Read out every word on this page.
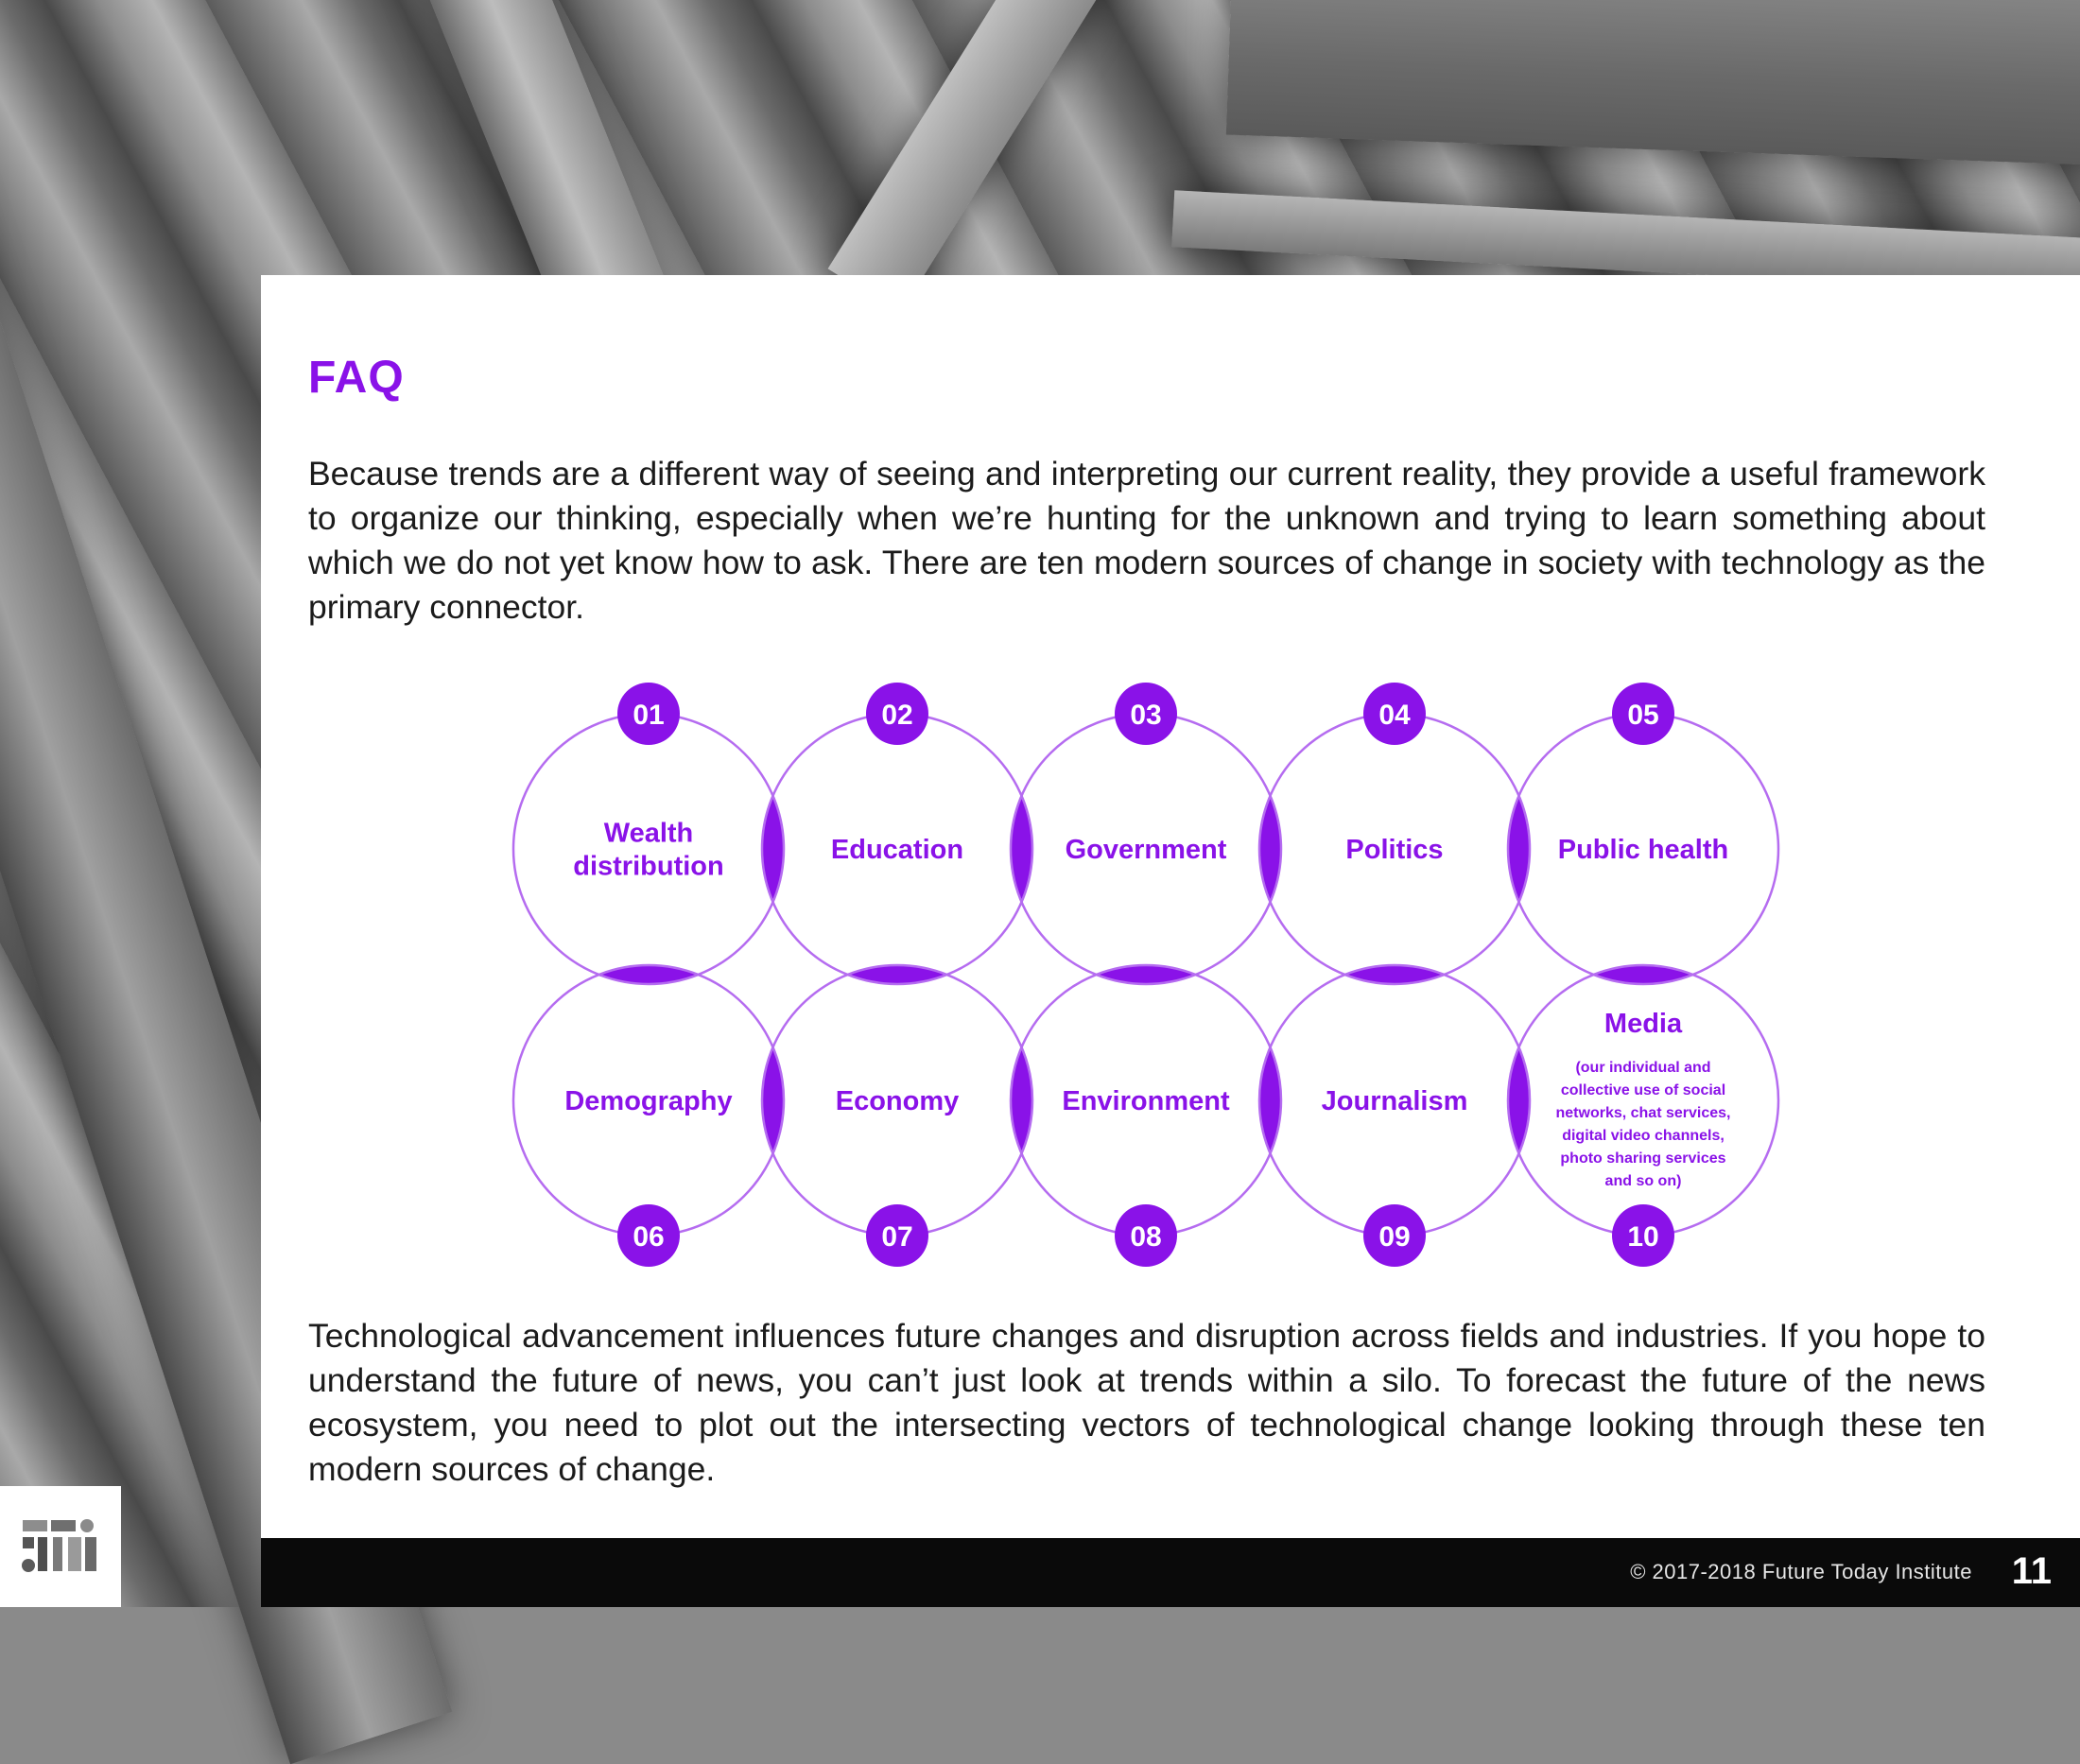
FAQ
Because trends are a different way of seeing and interpreting our current reality, they provide a useful framework to organize our thinking, especially when we’re hunting for the unknown and trying to learn something about which we do not yet know how to ask. There are ten modern sources of change in society with technology as the primary connector.
Wealth
distribution
01
Education
02
Government
03
Politics
04
Public health
05
Demography
06
Economy
07
Environment
08
Journalism
09
Media
(our individual and
collective use of social
networks, chat services,
digital video channels,
photo sharing services
and so on)
10
Technological advancement influences future changes and disruption across fields and industries. If you hope to understand the future of news, you can’t just look at trends within a silo. To forecast the future of the news ecosystem, you need to plot out the intersecting vectors of technological change looking through these ten modern sources of change.
© 2017-2018 Future Today Institute 11
